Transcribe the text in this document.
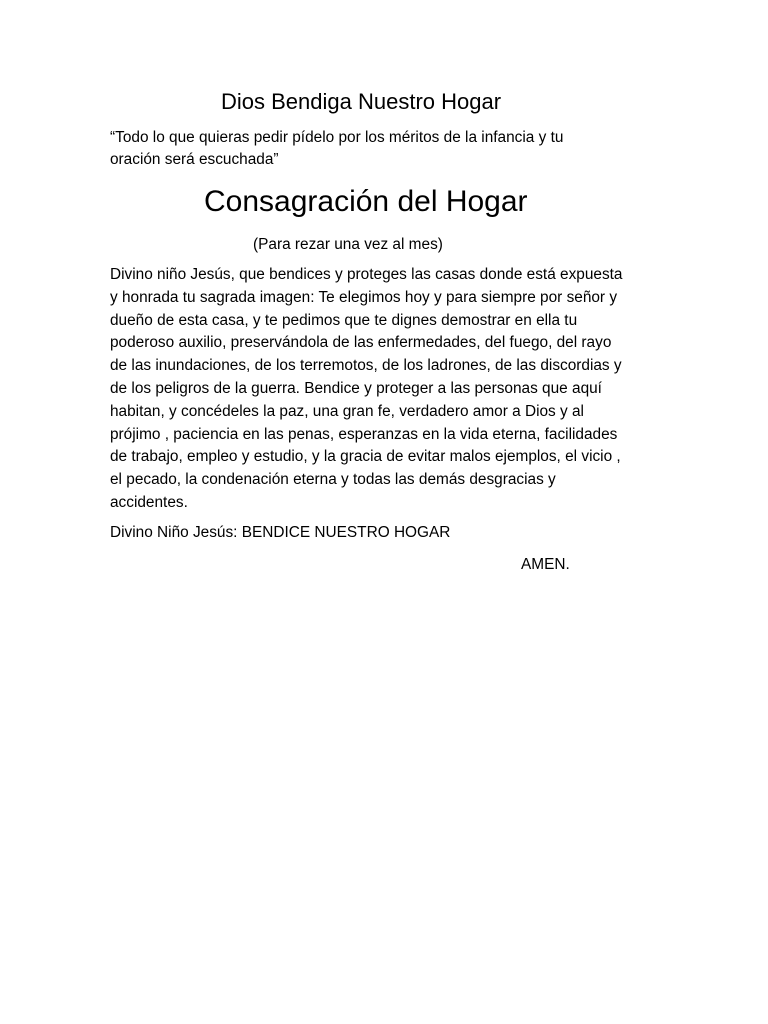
Dios Bendiga Nuestro Hogar

“Todo lo que quieras pedir pídelo por los méritos de la infancia y tu
oración será escuchada”

Consagración del Hogar

(Para rezar una vez al mes)

Divino niño Jesús, que bendices y proteges las casas donde está expuesta
y honrada tu sagrada imagen: Te elegimos hoy y para siempre por señor y
dueño de esta casa, y te pedimos que te dignes demostrar en ella tu
poderoso auxilio, preservándola de las enfermedades, del fuego, del rayo
de las inundaciones, de los terremotos, de los ladrones, de las discordias y
de los peligros de la guerra. Bendice y proteger a las personas que aquí
habitan, y concédeles la paz, una gran fe, verdadero amor a Dios y al
prójimo , paciencia en las penas, esperanzas en la vida eterna, facilidades
de trabajo, empleo y estudio, y la gracia de evitar malos ejemplos, el vicio ,
el pecado, la condenación eterna y todas las demás desgracias y
accidentes.

Divino Niño Jesús: BENDICE NUESTRO HOGAR

AMEN.
